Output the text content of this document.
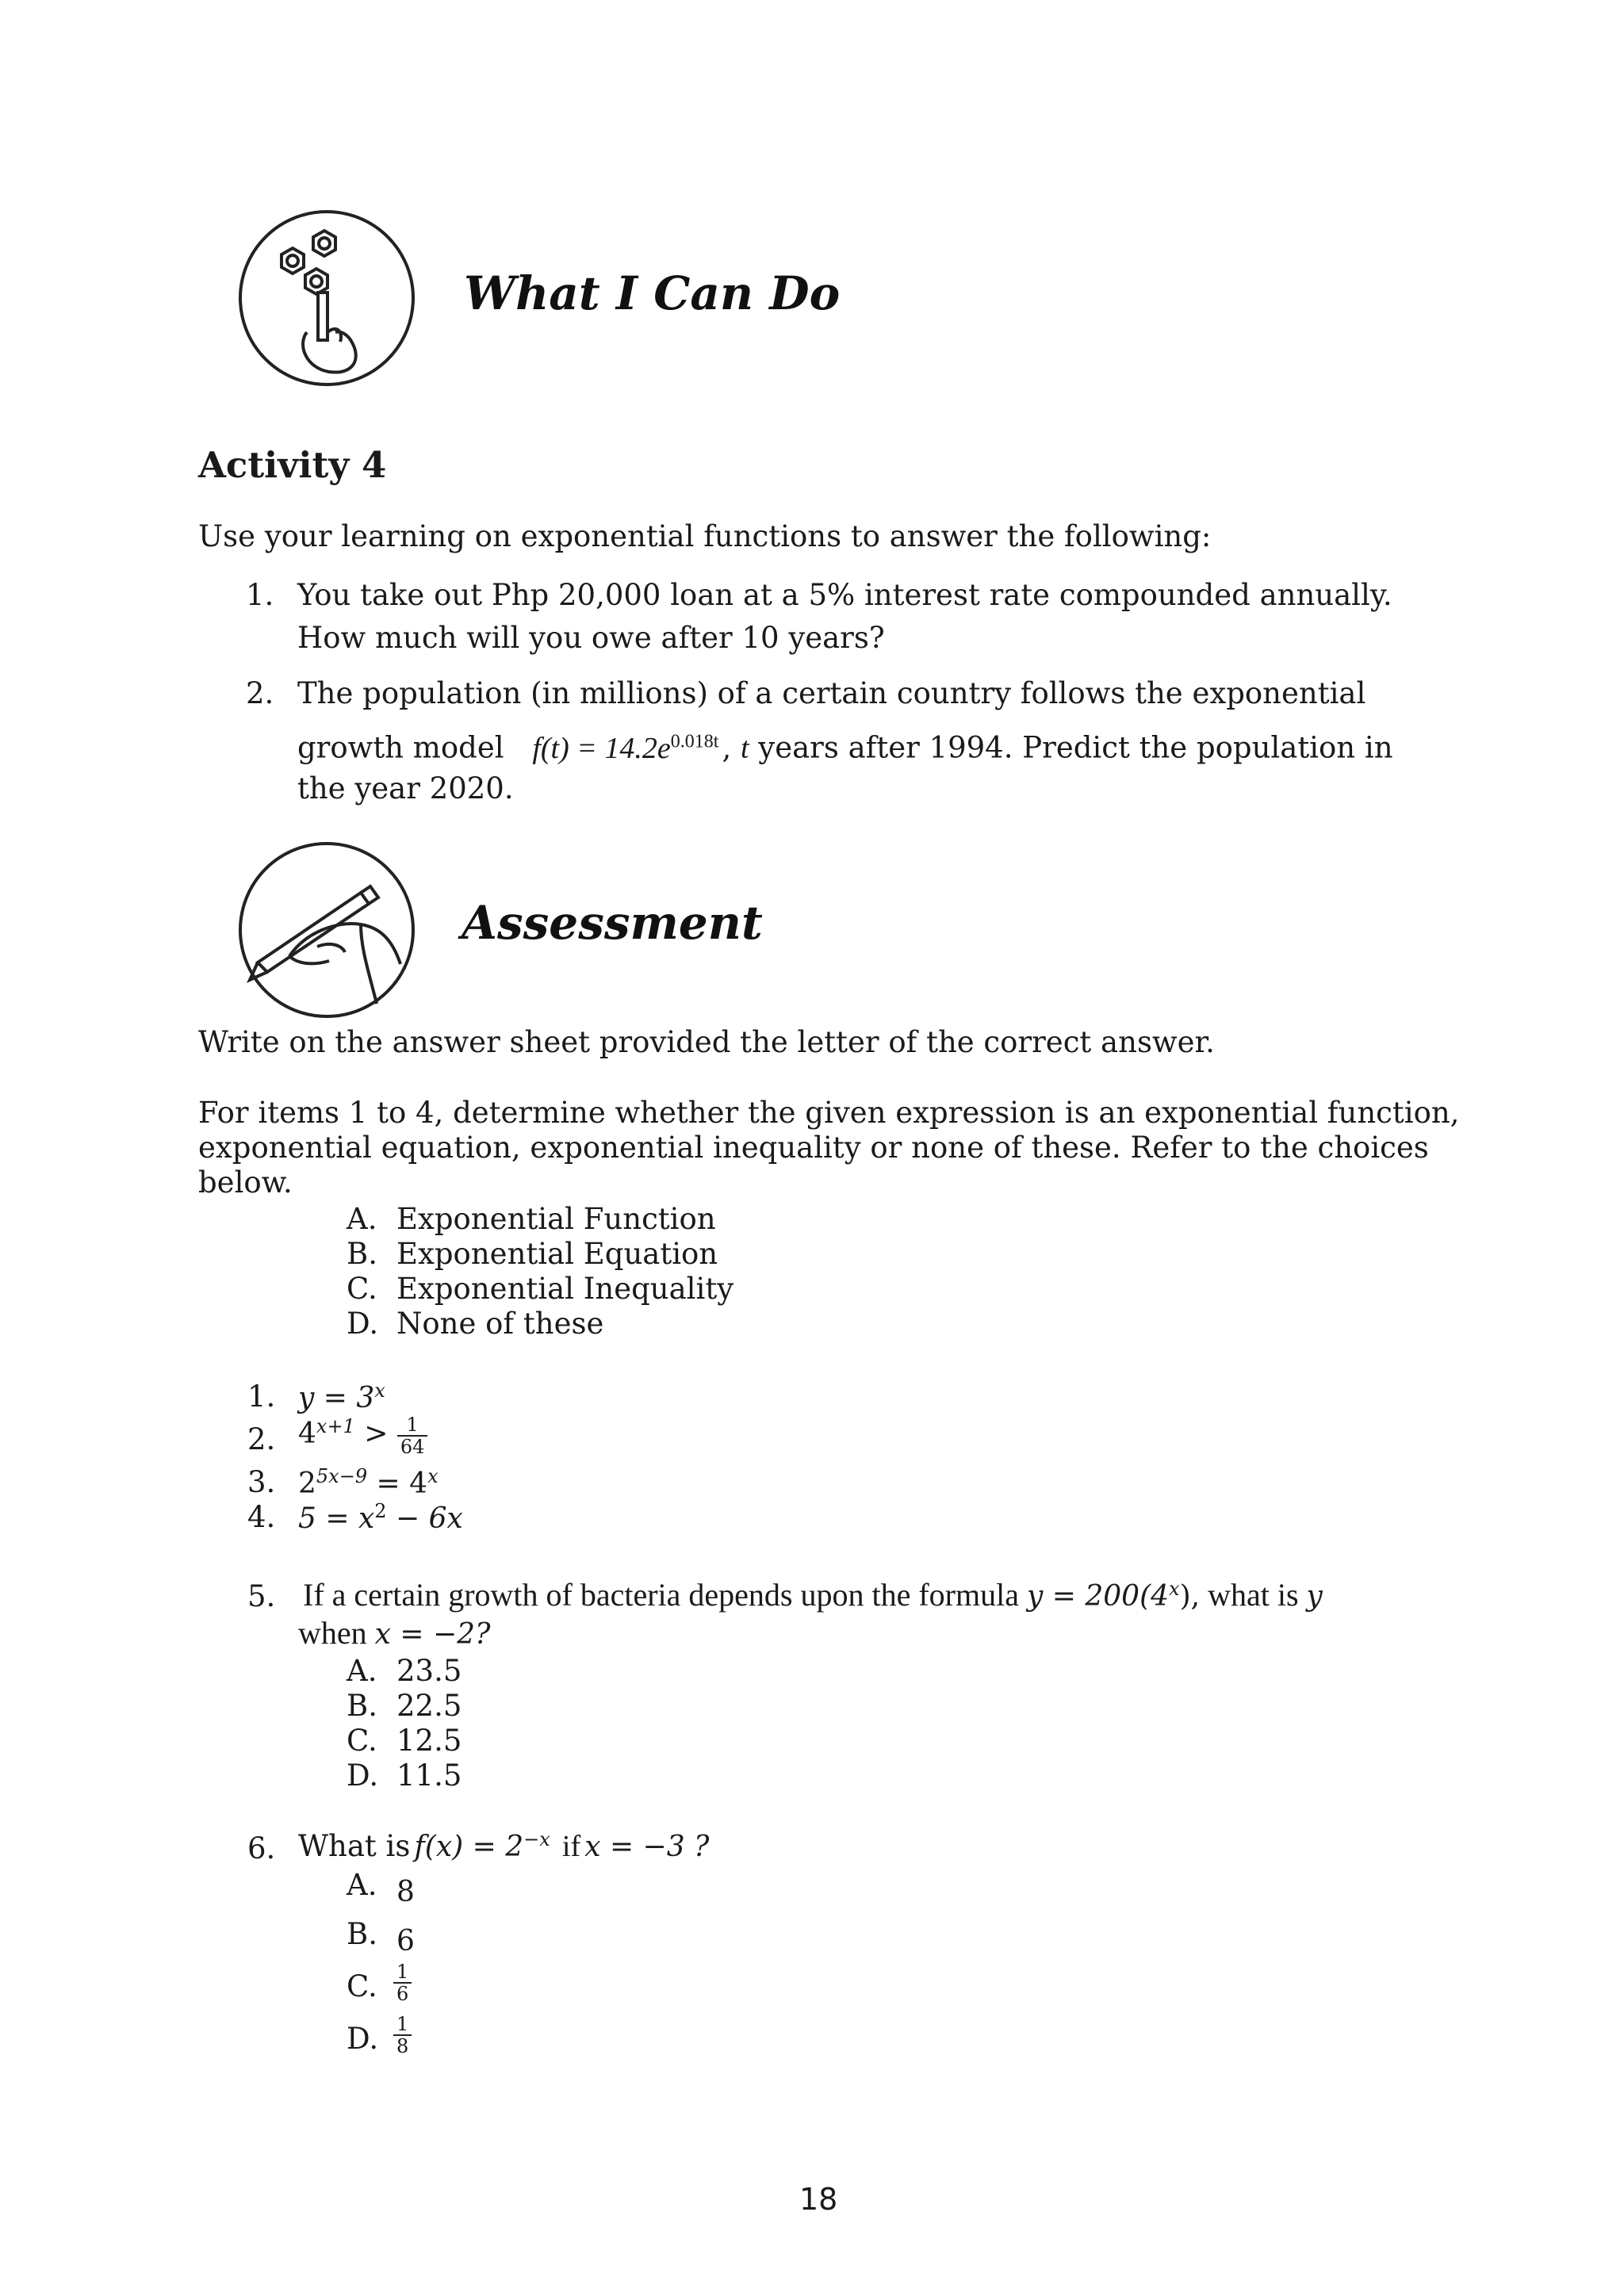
What I Can Do
Activity 4
Use your learning on exponential functions to answer the following:
1. You take out Php 20,000 loan at a 5% interest rate compounded annually.
How much will you owe after 10 years?
2. The population (in millions) of a certain country follows the exponential
growth model $f(t) = 14.2e^{0.018t}$ , t years after 1994. Predict the population in
the year 2020.
Assessment
Write on the answer sheet provided the letter of the correct answer.
For items 1 to 4, determine whether the given expression is an exponential function,
exponential equation, exponential inequality or none of these. Refer to the choices
below.
A. Exponential Function
B. Exponential Equation
C. Exponential Inequality
D. None of these
1. $y = 3^x$
2. $4^{x+1} > \frac{1}{64}$
3. $2^{5x-9} = 4^x$
4. $5 = x^2 - 6x$
5. If a certain growth of bacteria depends upon the formula $y = 200(4^x)$, what is y
when x = −2?
A. 23.5
B. 22.5
C. 12.5
D. 11.5
6. What is $f(x) = 2^{-x}$ if x = −3 ?
A. 8
B. 6
C. $\frac{1}{6}$
D. $\frac{1}{8}$
18
